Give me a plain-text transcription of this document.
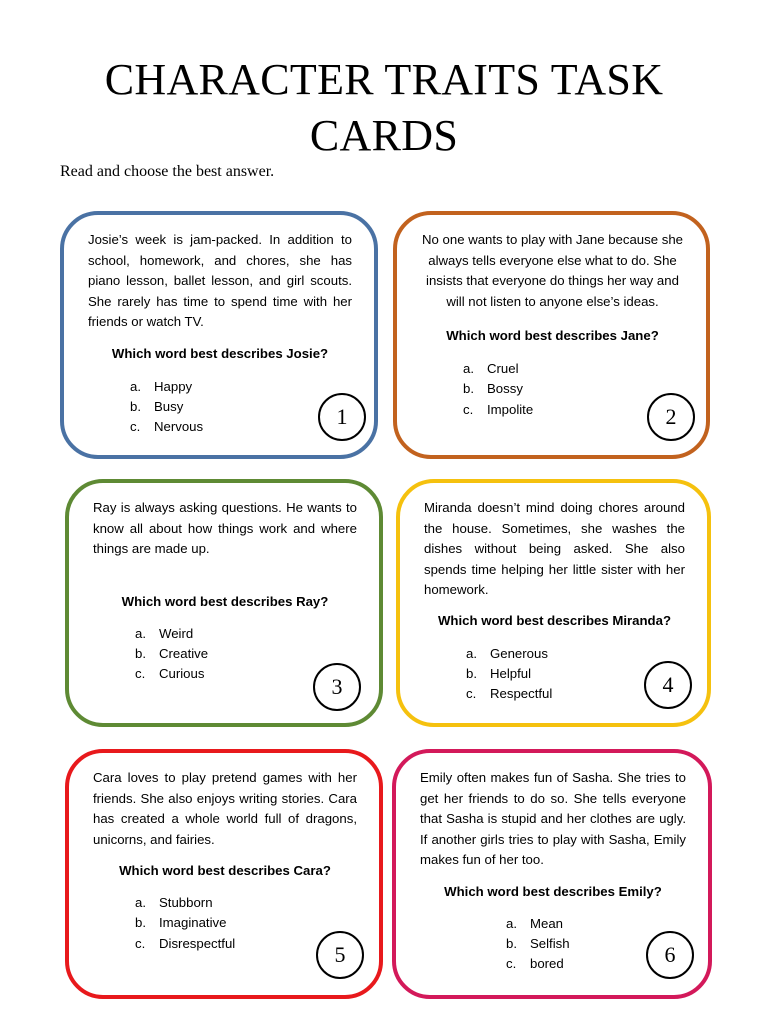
CHARACTER TRAITS TASK
CARDS
Read and choose the best answer.

Josie’s week is jam-packed. In addition to school, homework, and chores, she has piano lesson, ballet lesson, and girl scouts. She rarely has time to spend time with her friends or watch TV.

Which word best describes Josie?

a. Happy
b. Busy
c.	Nervous	1

No one wants to play with Jane because she always tells everyone else what to do. She insists that everyone do things her way and will not listen to anyone else’s ideas.

Which word best describes Jane?

a. Cruel
b. Bossy
c.	Impolite	2

Ray is always asking questions. He wants to know all about how things work and where things are made up.

Which word best describes Ray?

a. Weird
b. Creative
c.	Curious
3

Miranda doesn’t mind doing chores around the house. Sometimes, she washes the dishes without being asked. She also spends time helping her little sister with her homework.

Which word best describes Miranda?

a. Generous
b. Helpful
c.	Respectful	4

Cara loves to play pretend games with her friends. She also enjoys writing stories. Cara has created a whole world full of dragons, unicorns, and fairies.

Which word best describes Cara?

a. Stubborn
b. Imaginative
c.	Disrespectful	5

Emily often makes fun of Sasha. She tries to get her friends to do so. She tells everyone that Sasha is stupid and her clothes are ugly. If another girls tries to play with Sasha, Emily makes fun of her too.

Which word best describes Emily?

a. Mean
b. Selfish
c.	bored	6
